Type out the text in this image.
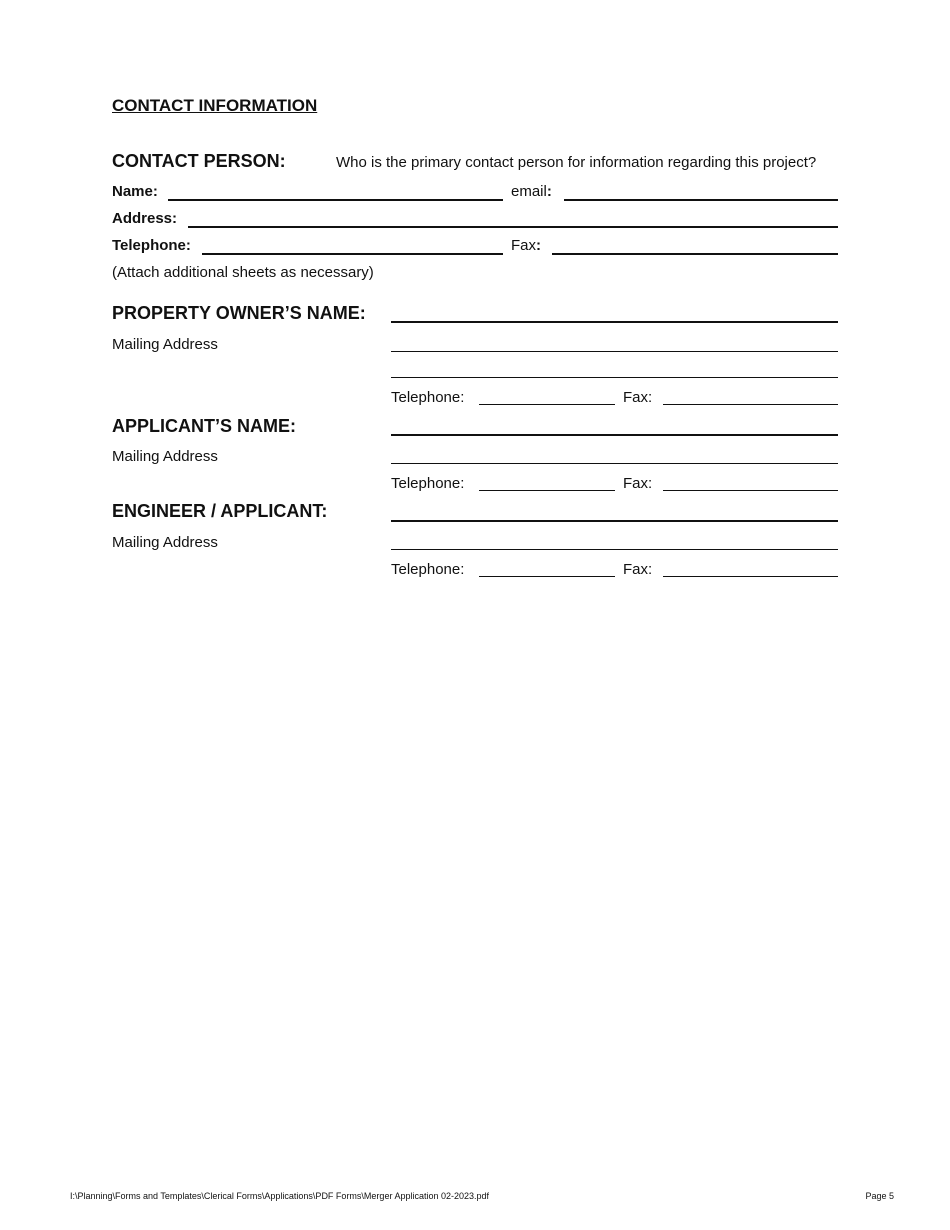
CONTACT INFORMATION
CONTACT PERSON:	Who is the primary contact person for information regarding this project?
Name:	email:
Address:
Telephone:	Fax:
(Attach additional sheets as necessary)
PROPERTY OWNER’S NAME:
Mailing Address
Telephone:	Fax:
APPLICANT’S NAME:
Mailing Address
Telephone:	Fax:
ENGINEER / APPLICANT:
Mailing Address
Telephone:	Fax:
I:\Planning\Forms and Templates\Clerical Forms\Applications\PDF Forms\Merger Application 02-2023.pdf	Page 5
